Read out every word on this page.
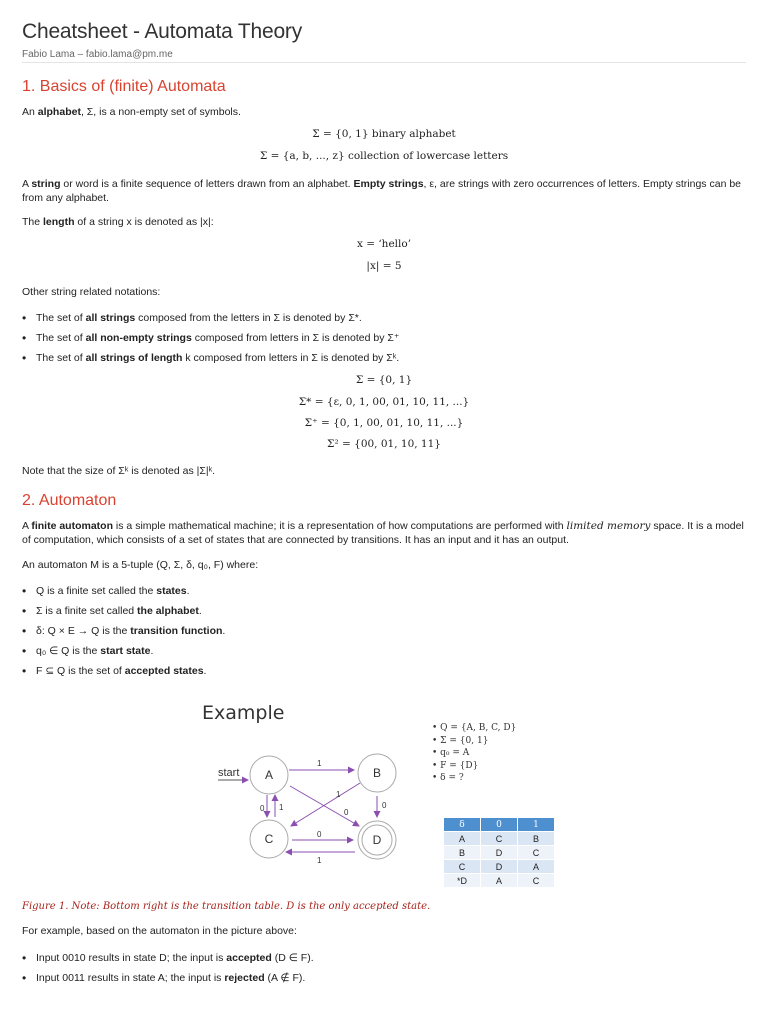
Cheatsheet - Automata Theory
Fabio Lama – fabio.lama@pm.me
1. Basics of (finite) Automata
An alphabet, Σ, is a non-empty set of symbols.
Σ = {0, 1} binary alphabet
Σ = {a, b, ..., z} collection of lowercase letters
A string or word is a finite sequence of letters drawn from an alphabet. Empty strings, ε, are strings with zero occurrences of letters. Empty strings can be from any alphabet.
The length of a string x is denoted as |x|:
x = ‘hello’
|x| = 5
Other string related notations:
• The set of all strings composed from the letters in Σ is denoted by Σ*.
• The set of all non-empty strings composed from letters in Σ is denoted by Σ⁺
• The set of all strings of length k composed from letters in Σ is denoted by Σᵏ.
Σ = {0, 1}
Σ* = {ε, 0, 1, 00, 01, 10, 11, ...}
Σ⁺ = {0, 1, 00, 01, 10, 11, ...}
Σ² = {00, 01, 10, 11}
Note that the size of Σᵏ is denoted as |Σ|ᵏ.
2. Automaton
A finite automaton is a simple mathematical machine; it is a representation of how computations are performed with limited memory space. It is a model of computation, which consists of a set of states that are connected by transitions. It has an input and it has an output.
An automaton M is a 5-tuple (Q, Σ, δ, q₀, F) where:
• Q is a finite set called the states.
• Σ is a finite set called the alphabet.
• δ: Q × E → Q is the transition function.
• q₀ ∈ Q is the start state.
• F ⊆ Q is the set of accepted states.
Example
start
1
0 1	0
1
0
0
1
A	B
C	D
• Q = {A, B, C, D}
• Σ = {0, 1}
• q₀ = A
• F = {D}
• δ = ?
δ	0	1
A	C	B
B	D	C
C	D	A
*D	A	C
Figure 1. Note: Bottom right is the transition table. D is the only accepted state.
For example, based on the automaton in the picture above:
• Input 0010 results in state D; the input is accepted (D ∈ F).
• Input 0011 results in state A; the input is rejected (A ∉ F).
